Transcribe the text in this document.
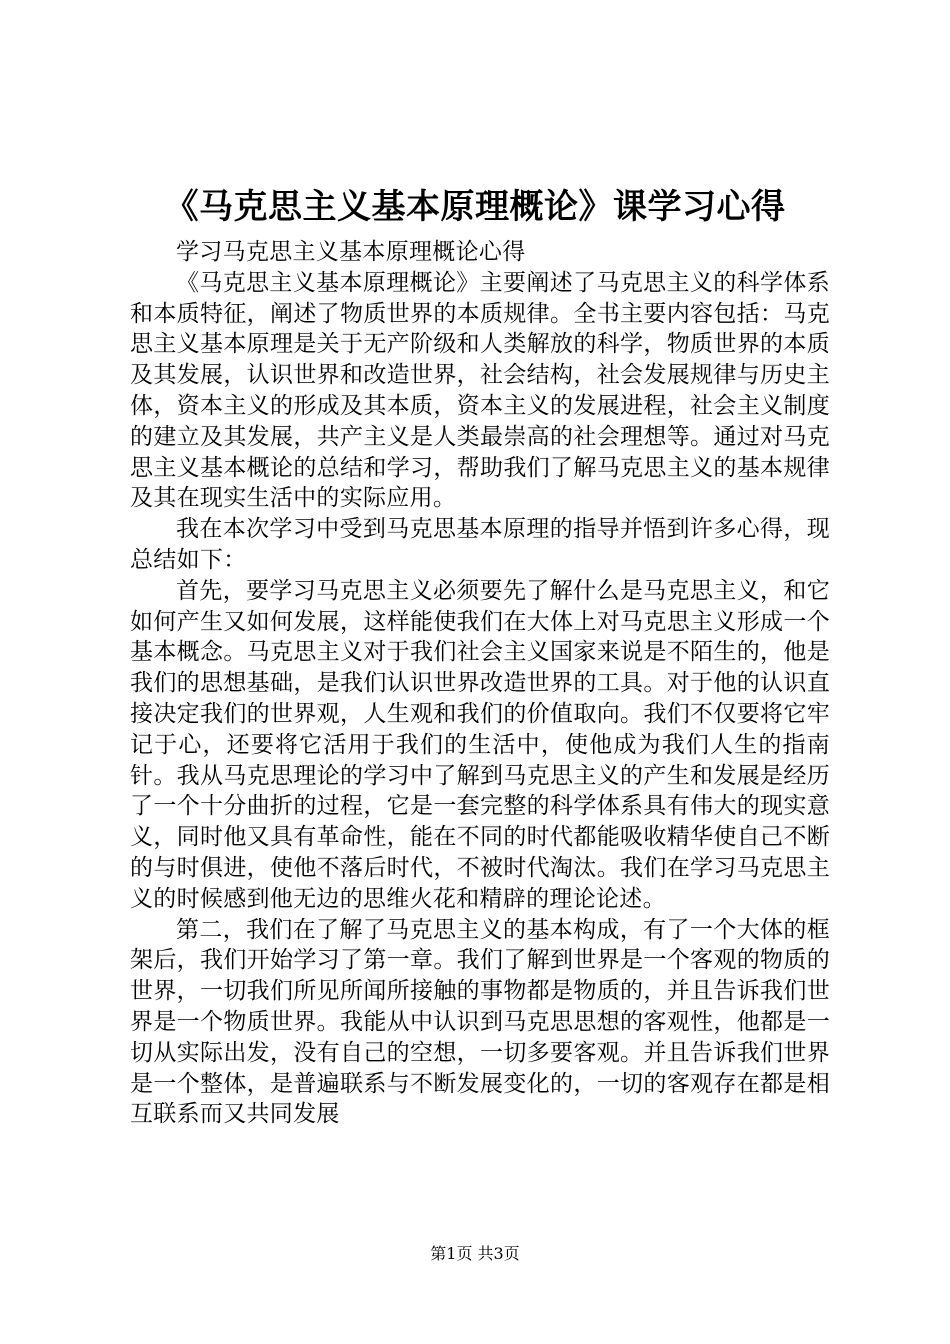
《马克思主义基本原理概论》课学习心得

学习马克思主义基本原理概论心得

《马克思主义基本原理概论》主要阐述了马克思主义的科学体系和本质特征，阐述了物质世界的本质规律。全书主要内容包括：马克思主义基本原理是关于无产阶级和人类解放的科学，物质世界的本质及其发展，认识世界和改造世界，社会结构，社会发展规律与历史主体，资本主义的形成及其本质，资本主义的发展进程，社会主义制度的建立及其发展，共产主义是人类最崇高的社会理想等。通过对马克思主义基本概论的总结和学习，帮助我们了解马克思主义的基本规律及其在现实生活中的实际应用。

我在本次学习中受到马克思基本原理的指导并悟到许多心得，现总结如下：

首先，要学习马克思主义必须要先了解什么是马克思主义，和它如何产生又如何发展，这样能使我们在大体上对马克思主义形成一个基本概念。马克思主义对于我们社会主义国家来说是不陌生的，他是我们的思想基础，是我们认识世界改造世界的工具。对于他的认识直接决定我们的世界观，人生观和我们的价值取向。我们不仅要将它牢记于心，还要将它活用于我们的生活中，使他成为我们人生的指南针。我从马克思理论的学习中了解到马克思主义的产生和发展是经历了一个十分曲折的过程，它是一套完整的科学体系具有伟大的现实意义，同时他又具有革命性，能在不同的时代都能吸收精华使自己不断的与时俱进，使他不落后时代，不被时代淘汰。我们在学习马克思主义的时候感到他无边的思维火花和精辟的理论论述。

第二，我们在了解了马克思主义的基本构成，有了一个大体的框架后，我们开始学习了第一章。我们了解到世界是一个客观的物质的世界，一切我们所见所闻所接触的事物都是物质的，并且告诉我们世界是一个物质世界。我能从中认识到马克思思想的客观性，他都是一切从实际出发，没有自己的空想，一切多要客观。并且告诉我们世界是一个整体，是普遍联系与不断发展变化的，一切的客观存在都是相互联系而又共同发展

第1页 共3页
